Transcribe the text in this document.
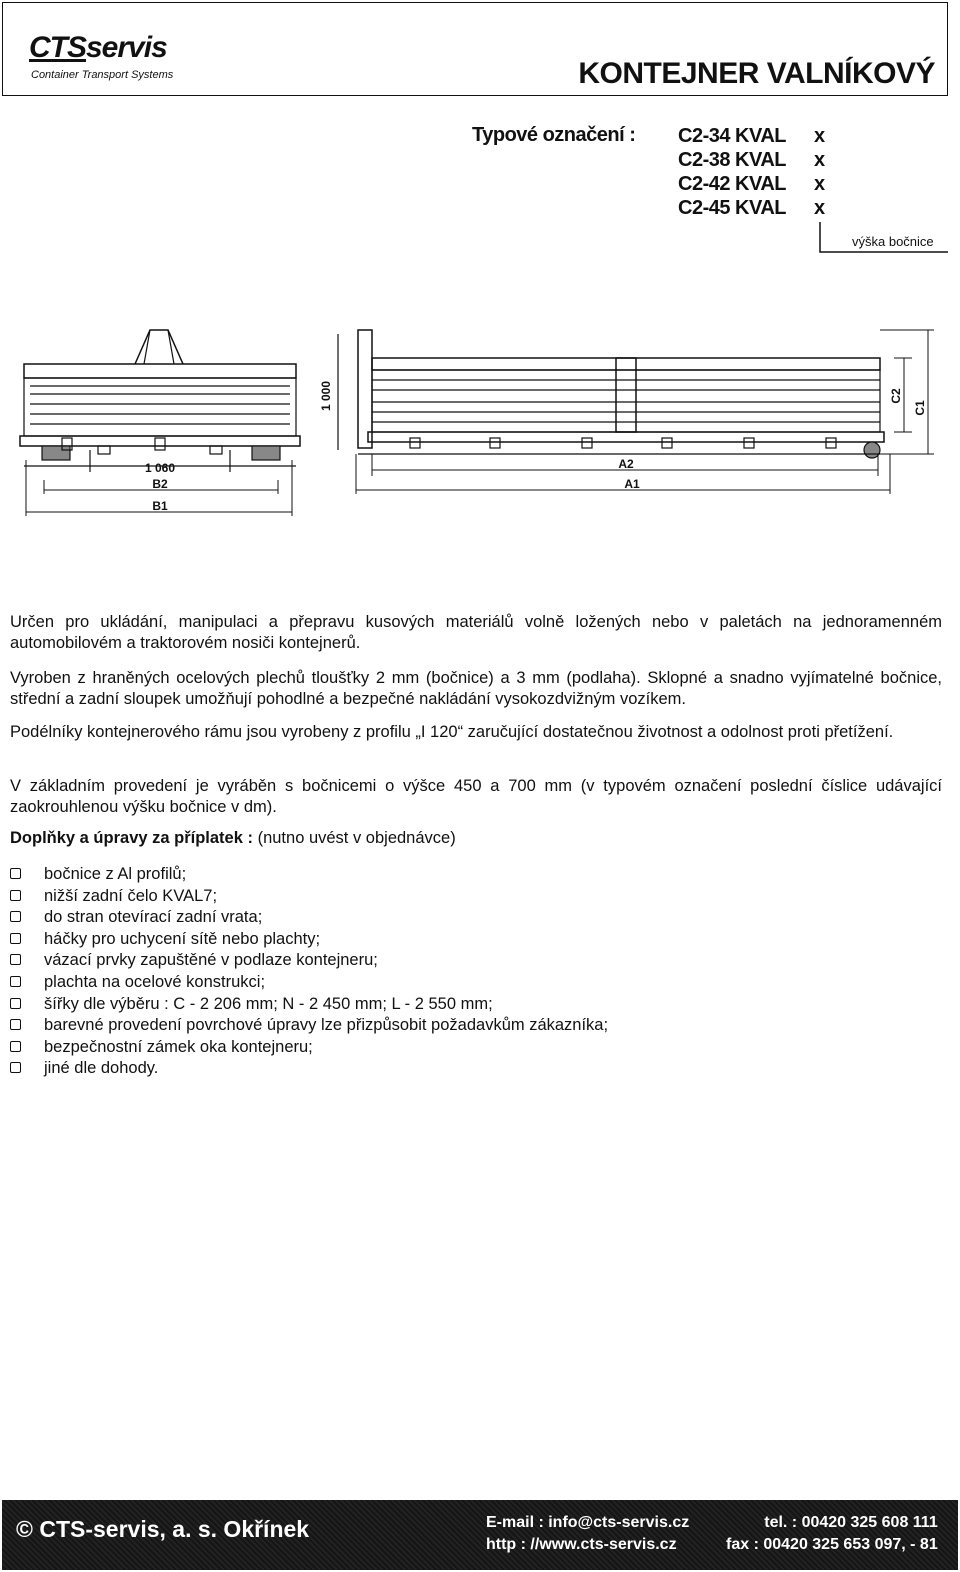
CTSservis
Container Transport Systems	KONTEJNER VALNÍKOVÝ
Typové označení : C2-34 KVAL x
C2-38 KVAL x
C2-42 KVAL x
C2-45 KVAL x
výška bočnice
1 060
B2
B1
1 000
A2
A1
C2
C1
Určen pro ukládání, manipulaci a přepravu kusových materiálů volně ložených nebo v paletách na jednoramenném automobilovém a traktorovém nosiči kontejnerů.
Vyroben z hraněných ocelových plechů tloušťky 2 mm (bočnice) a 3 mm (podlaha). Sklopné a snadno vyjímatelné bočnice, střední a zadní sloupek umožňují pohodlné a bezpečné nakládání vysokozdvižným vozíkem.
Podélníky kontejnerového rámu jsou vyrobeny z profilu „I 120“ zaručující dostatečnou životnost a odolnost proti přetížení.
V základním provedení je vyráběn s bočnicemi o výšce 450 a 700 mm (v typovém označení poslední číslice udávající zaokrouhlenou výšku bočnice v dm).
Doplňky a úpravy za příplatek : (nutno uvést v objednávce)
bočnice z Al profilů;
nižší zadní čelo KVAL7;
do stran otevírací zadní vrata;
háčky pro uchycení sítě nebo plachty;
vázací prvky zapuštěné v podlaze kontejneru;
plachta na ocelové konstrukci;
šířky dle výběru : C - 2 206 mm; N - 2 450 mm; L - 2 550 mm;
barevné provedení povrchové úpravy lze přizpůsobit požadavkům zákazníka;
bezpečnostní zámek oka kontejneru;
jiné dle dohody.
© CTS-servis, a. s. Okřínek	E-mail : info@cts-servis.cz
http : //www.cts-servis.cz
tel. : 00420 325 608 111
fax : 00420 325 653 097, - 81
